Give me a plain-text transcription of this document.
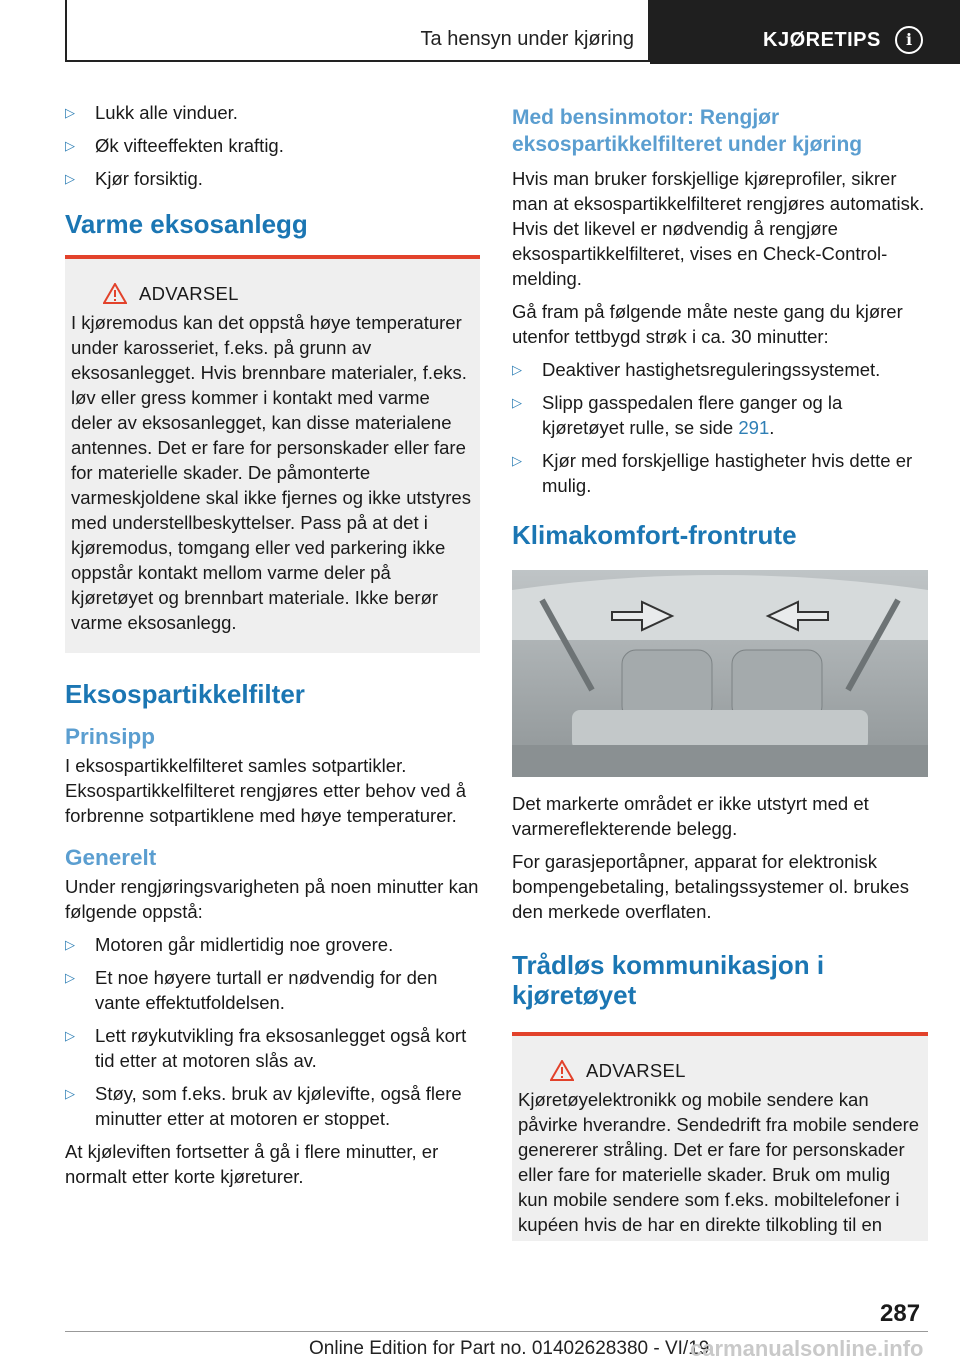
Ta hensyn under kjøring	KJØRETIPS	i
▷ Lukk alle vinduer.
▷ Øk vifteeffekten kraftig.
▷ Kjør forsiktig.
Varme eksosanlegg
ADVARSEL
I kjøremodus kan det oppstå høye temperaturer under karosseriet, f.eks. på grunn av eksosanlegget. Hvis brennbare materialer, f.eks. løv eller gress kommer i kontakt med varme deler av eksosanlegget, kan disse materialene antennes. Det er fare for personskader eller fare for materielle skader. De påmonterte varmeskjoldene skal ikke fjernes og ikke utstyres med understellbeskyttelser. Pass på at det i kjøremodus, tomgang eller ved parkering ikke oppstår kontakt mellom varme deler på kjøretøyet og brennbart materiale. Ikke berør varme eksosanlegg.
Eksospartikkelfilter
Prinsipp

I eksospartikkelfilteret samles sotpartikler. Eksospartikkelfilteret rengjøres etter behov ved å forbrenne sotpartiklene med høye temperaturer.

Generelt

Under rengjøringsvarigheten på noen minutter kan følgende oppstå:

▷ Motoren går midlertidig noe grovere.
▷ Et noe høyere turtall er nødvendig for den vante effektutfoldelsen.
▷ Lett røykutvikling fra eksosanlegget også kort tid etter at motoren slås av.
▷ Støy, som f.eks. bruk av kjølevifte, også flere minutter etter at motoren er stoppet.

At kjøleviften fortsetter å gå i flere minutter, er normalt etter korte kjøreturer.

Med bensinmotor: Rengjør eksospartikkelfilteret under kjøring

Hvis man bruker forskjellige kjøreprofiler, sikrer man at eksospartikkelfilteret rengjøres automatisk. Hvis det likevel er nødvendig å rengjøre eksospartikkelfilteret, vises en Check-Control-melding.

Gå fram på følgende måte neste gang du kjører utenfor tettbygd strøk i ca. 30 minutter:

▷ Deaktiver hastighetsreguleringssystemet.
▷ Slipp gasspedalen flere ganger og la kjøretøyet rulle, se side 291.
▷ Kjør med forskjellige hastigheter hvis dette er mulig.
Klimakomfort-frontrute

Det markerte området er ikke utstyrt med et varmereflekterende belegg.

For garasjeportåpner, apparat for elektronisk bompengebetaling, betalingssystemer ol. brukes den merkede overflaten.

Trådløs kommunikasjon i kjøretøyet
ADVARSEL
Kjøretøyelektronikk og mobile sendere kan påvirke hverandre. Sendedrift fra mobile sendere genererer stråling. Det er fare for personskader eller fare for materielle skader. Bruk om mulig kun mobile sendere som f.eks. mobiltelefoner i kupéen hvis de har en direkte tilkobling til en
287
Online Edition for Part no. 01402628380 - VI/19
carmanualsonline.info
